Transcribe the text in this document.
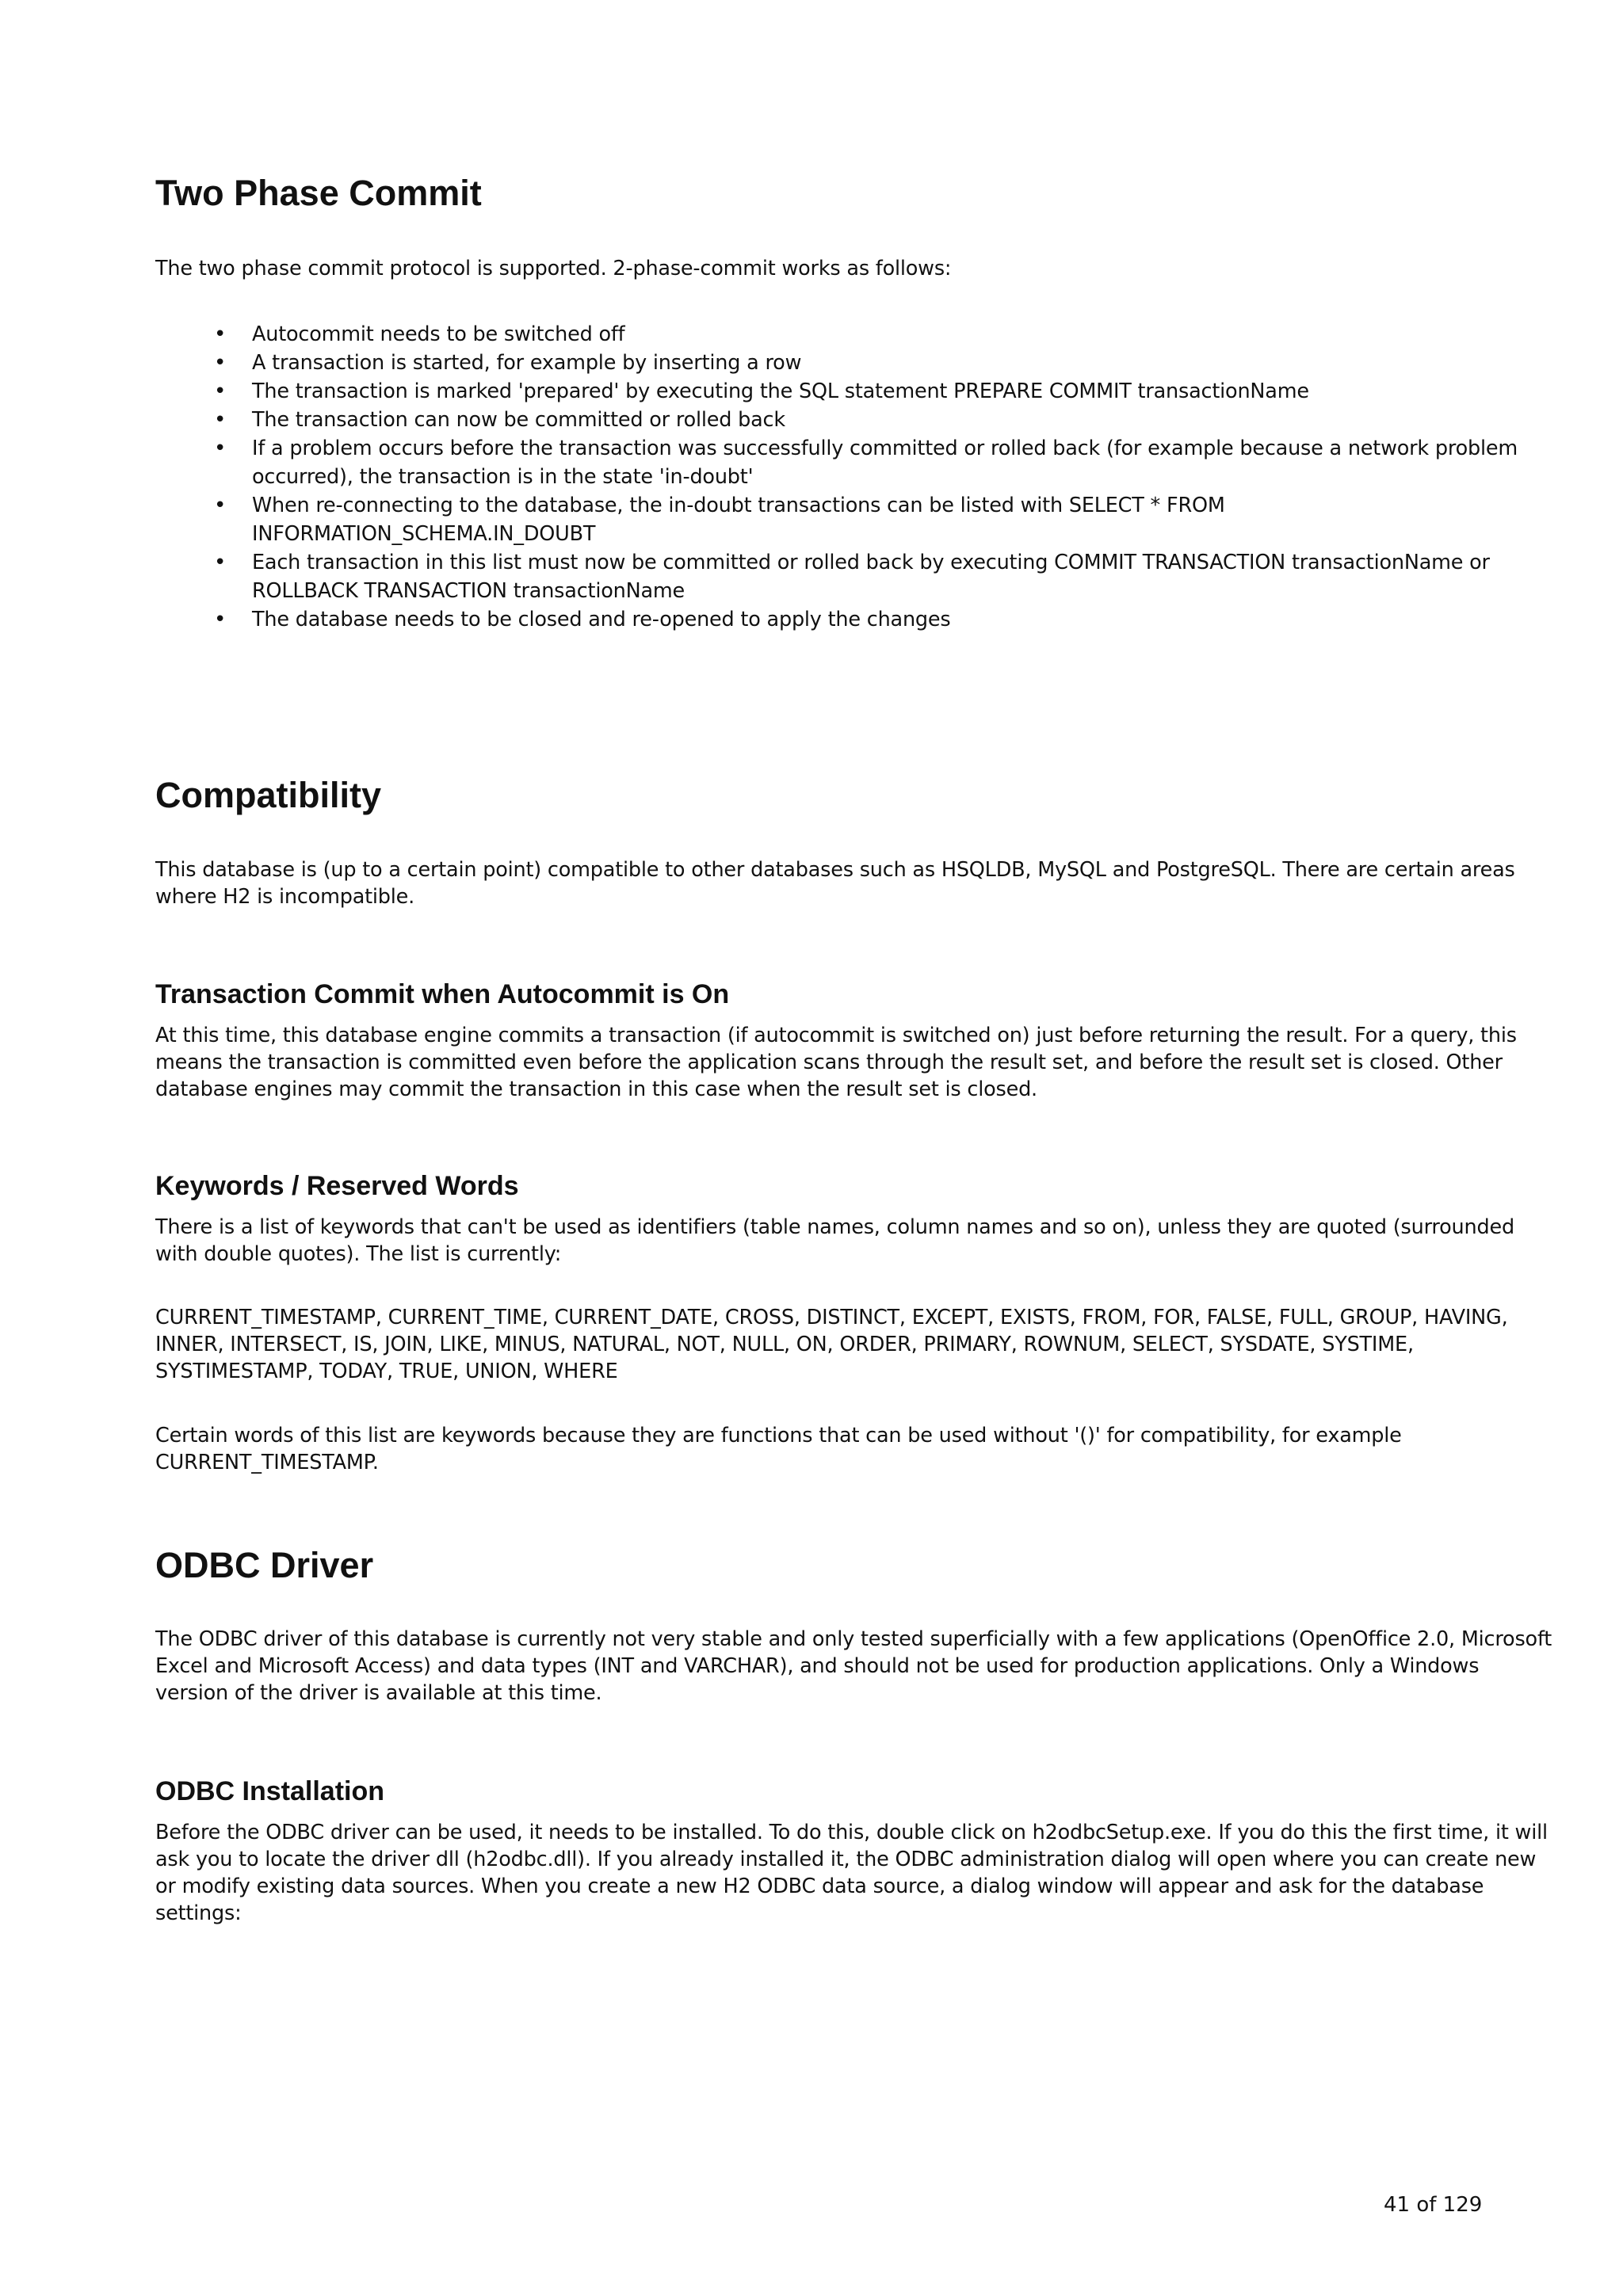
Two Phase Commit

The two phase commit protocol is supported. 2-phase-commit works as follows:

• Autocommit needs to be switched off
• A transaction is started, for example by inserting a row
• The transaction is marked 'prepared' by executing the SQL statement PREPARE COMMIT transactionName
• The transaction can now be committed or rolled back
• If a problem occurs before the transaction was successfully committed or rolled back (for example because a network problem occurred), the transaction is in the state 'in-doubt'
• When re-connecting to the database, the in-doubt transactions can be listed with SELECT * FROM INFORMATION_SCHEMA.IN_DOUBT
• Each transaction in this list must now be committed or rolled back by executing COMMIT TRANSACTION transactionName or ROLLBACK TRANSACTION transactionName
• The database needs to be closed and re-opened to apply the changes
Compatibility

This database is (up to a certain point) compatible to other databases such as HSQLDB, MySQL and PostgreSQL. There are certain areas where H2 is incompatible.

Transaction Commit when Autocommit is On

At this time, this database engine commits a transaction (if autocommit is switched on) just before returning the result. For a query, this means the transaction is committed even before the application scans through the result set, and before the result set is closed. Other database engines may commit the transaction in this case when the result set is closed.

Keywords / Reserved Words

There is a list of keywords that can't be used as identifiers (table names, column names and so on), unless they are quoted (surrounded with double quotes). The list is currently:

CURRENT_TIMESTAMP, CURRENT_TIME, CURRENT_DATE, CROSS, DISTINCT, EXCEPT, EXISTS, FROM, FOR, FALSE, FULL, GROUP, HAVING, INNER, INTERSECT, IS, JOIN, LIKE, MINUS, NATURAL, NOT, NULL, ON, ORDER, PRIMARY, ROWNUM, SELECT, SYSDATE, SYSTIME, SYSTIMESTAMP, TODAY, TRUE, UNION, WHERE

Certain words of this list are keywords because they are functions that can be used without '()' for compatibility, for example CURRENT_TIMESTAMP.

ODBC Driver

The ODBC driver of this database is currently not very stable and only tested superficially with a few applications (OpenOffice 2.0, Microsoft Excel and Microsoft Access) and data types (INT and VARCHAR), and should not be used for production applications. Only a Windows version of the driver is available at this time.

ODBC Installation

Before the ODBC driver can be used, it needs to be installed. To do this, double click on h2odbcSetup.exe. If you do this the first time, it will ask you to locate the driver dll (h2odbc.dll). If you already installed it, the ODBC administration dialog will open where you can create new or modify existing data sources. When you create a new H2 ODBC data source, a dialog window will appear and ask for the database settings:

41 of 129
